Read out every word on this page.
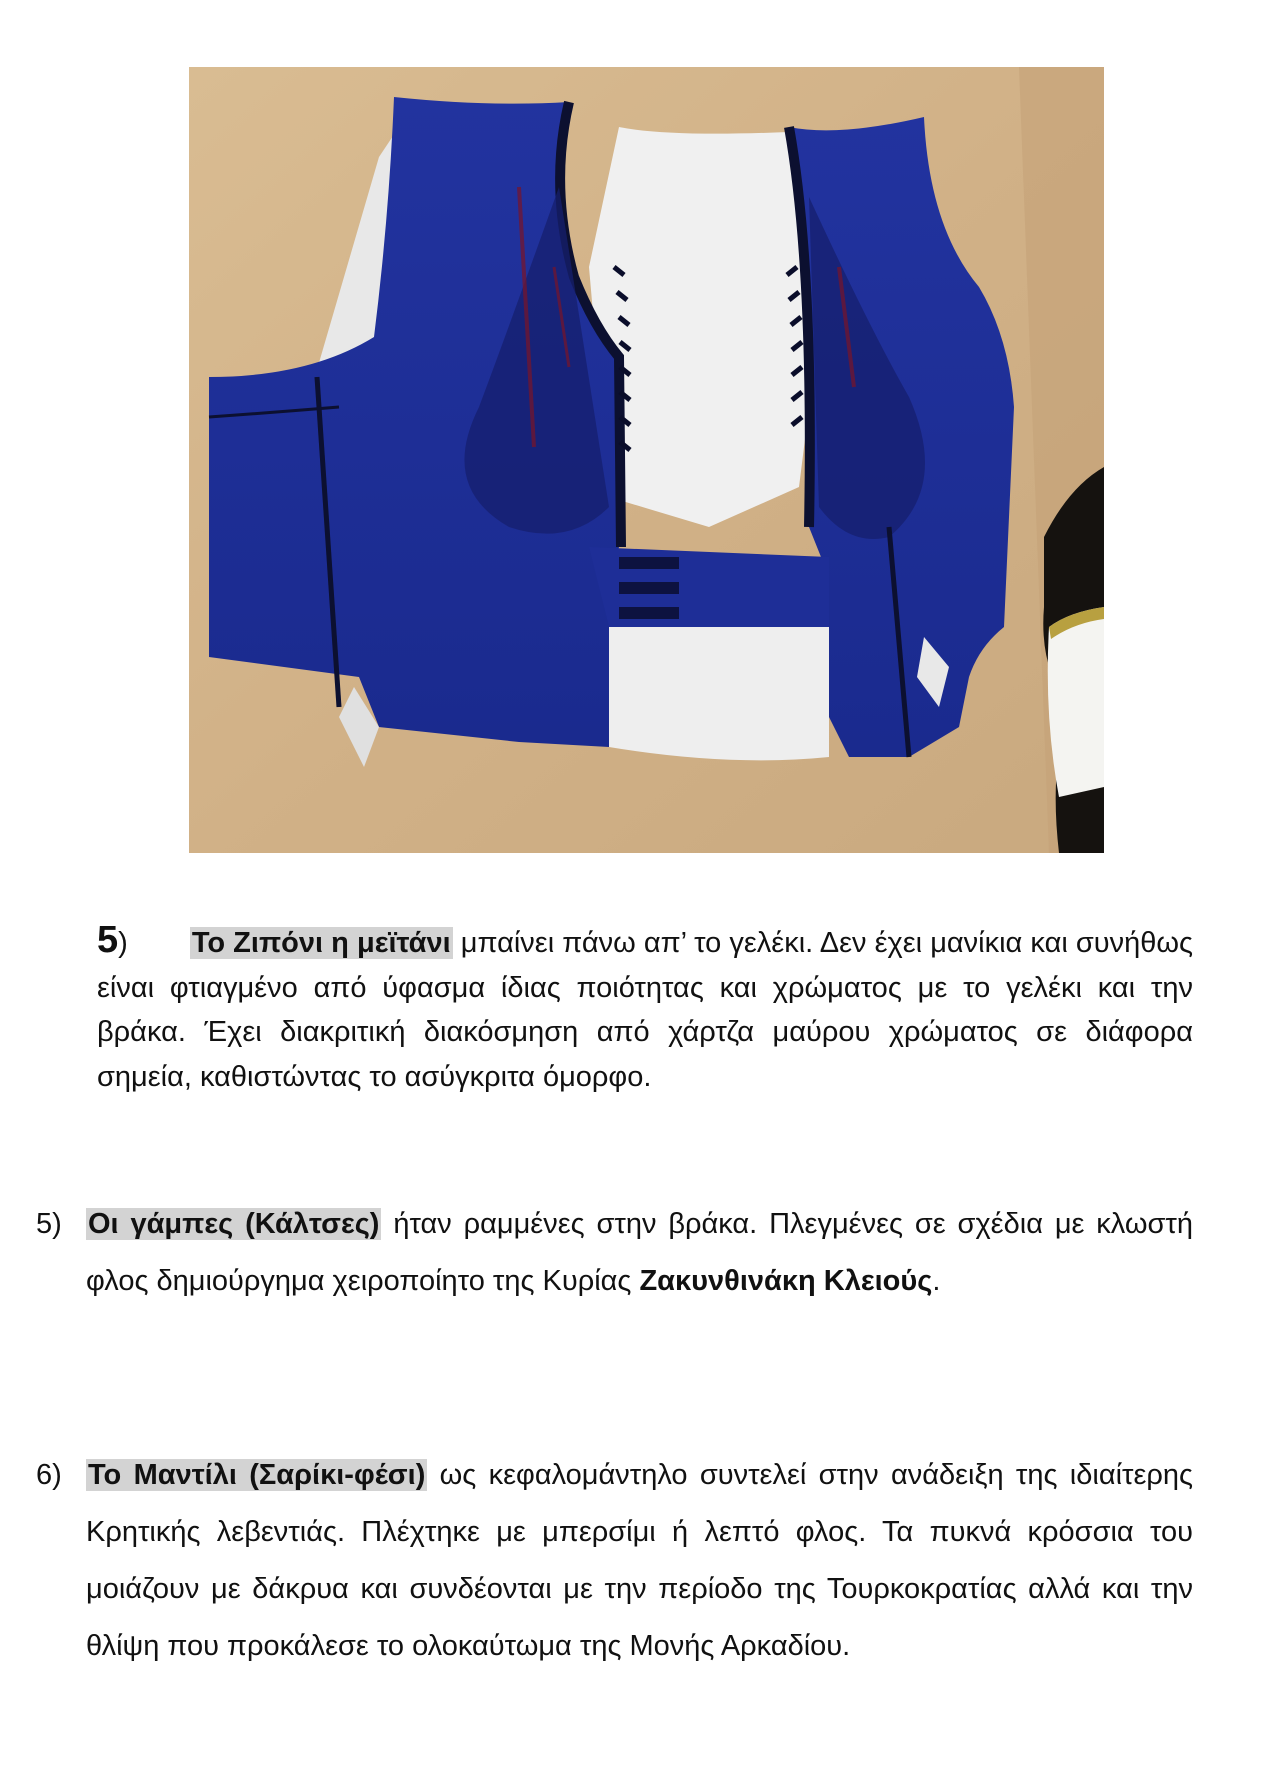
5) Το Ζιπόνι η μεϊτάνι μπαίνει πάνω απ’ το γελέκι. Δεν έχει μανίκια και συνήθως είναι φτιαγμένο από ύφασμα ίδιας ποιότητας και χρώματος με το γελέκι και την βράκα. Έχει διακριτική διακόσμηση από χάρτζα μαύρου χρώματος σε διάφορα σημεία, καθιστώντας το ασύγκριτα όμορφο.
5) Οι γάμπες (Κάλτσες) ήταν ραμμένες στην βράκα. Πλεγμένες σε σχέδια με κλωστή φλος δημιούργημα χειροποίητο της Κυρίας Ζακυνθινάκη Κλειούς.
6) Το Μαντίλι (Σαρίκι-φέσι) ως κεφαλομάντηλο συντελεί στην ανάδειξη της ιδιαίτερης Κρητικής λεβεντιάς. Πλέχτηκε με μπερσίμι ή λεπτό φλος. Τα πυκνά κρόσσια του μοιάζουν με δάκρυα και συνδέονται με την περίοδο της Τουρκοκρατίας αλλά και την θλίψη που προκάλεσε το ολοκαύτωμα της Μονής Αρκαδίου.
